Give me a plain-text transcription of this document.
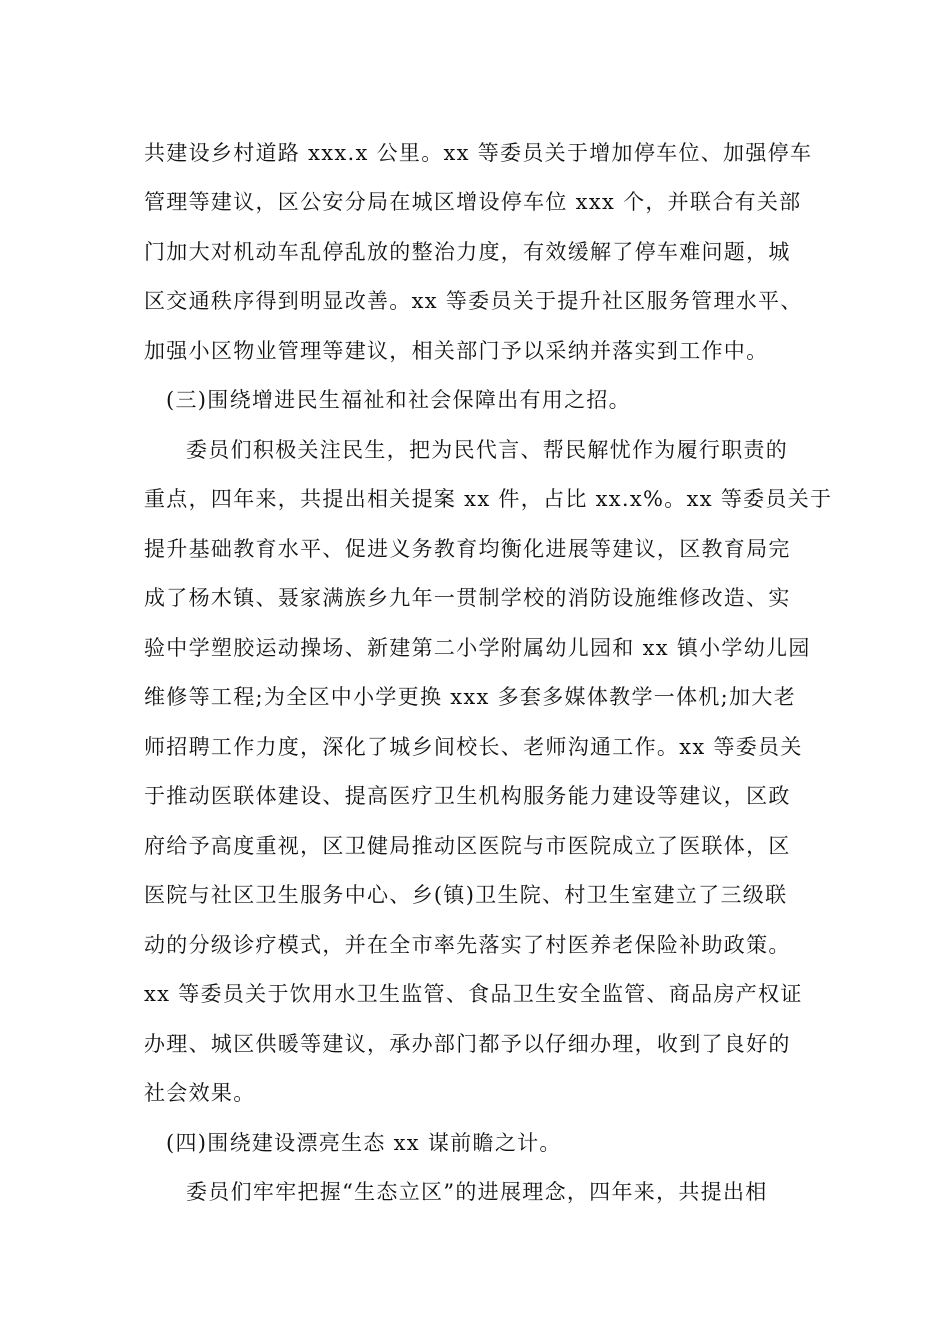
共建设乡村道路 xxx.x 公里。xx 等委员关于增加停车位、加强停车
管理等建议，区公安分局在城区增设停车位 xxx 个，并联合有关部
门加大对机动车乱停乱放的整治力度，有效缓解了停车难问题，城
区交通秩序得到明显改善。xx 等委员关于提升社区服务管理水平、
加强小区物业管理等建议，相关部门予以采纳并落实到工作中。
(三)围绕增进民生福祉和社会保障出有用之招。
委员们积极关注民生，把为民代言、帮民解忧作为履行职责的
重点，四年来，共提出相关提案 xx 件，占比 xx.x%。xx 等委员关于
提升基础教育水平、促进义务教育均衡化进展等建议，区教育局完
成了杨木镇、聂家满族乡九年一贯制学校的消防设施维修改造、实
验中学塑胶运动操场、新建第二小学附属幼儿园和 xx 镇小学幼儿园
维修等工程;为全区中小学更换 xxx 多套多媒体教学一体机;加大老
师招聘工作力度，深化了城乡间校长、老师沟通工作。xx 等委员关
于推动医联体建设、提高医疗卫生机构服务能力建设等建议，区政
府给予高度重视，区卫健局推动区医院与市医院成立了医联体，区
医院与社区卫生服务中心、乡(镇)卫生院、村卫生室建立了三级联
动的分级诊疗模式，并在全市率先落实了村医养老保险补助政策。
xx 等委员关于饮用水卫生监管、食品卫生安全监管、商品房产权证
办理、城区供暖等建议，承办部门都予以仔细办理，收到了良好的
社会效果。
(四)围绕建设漂亮生态 xx 谋前瞻之计。
委员们牢牢把握“生态立区”的进展理念，四年来，共提出相
